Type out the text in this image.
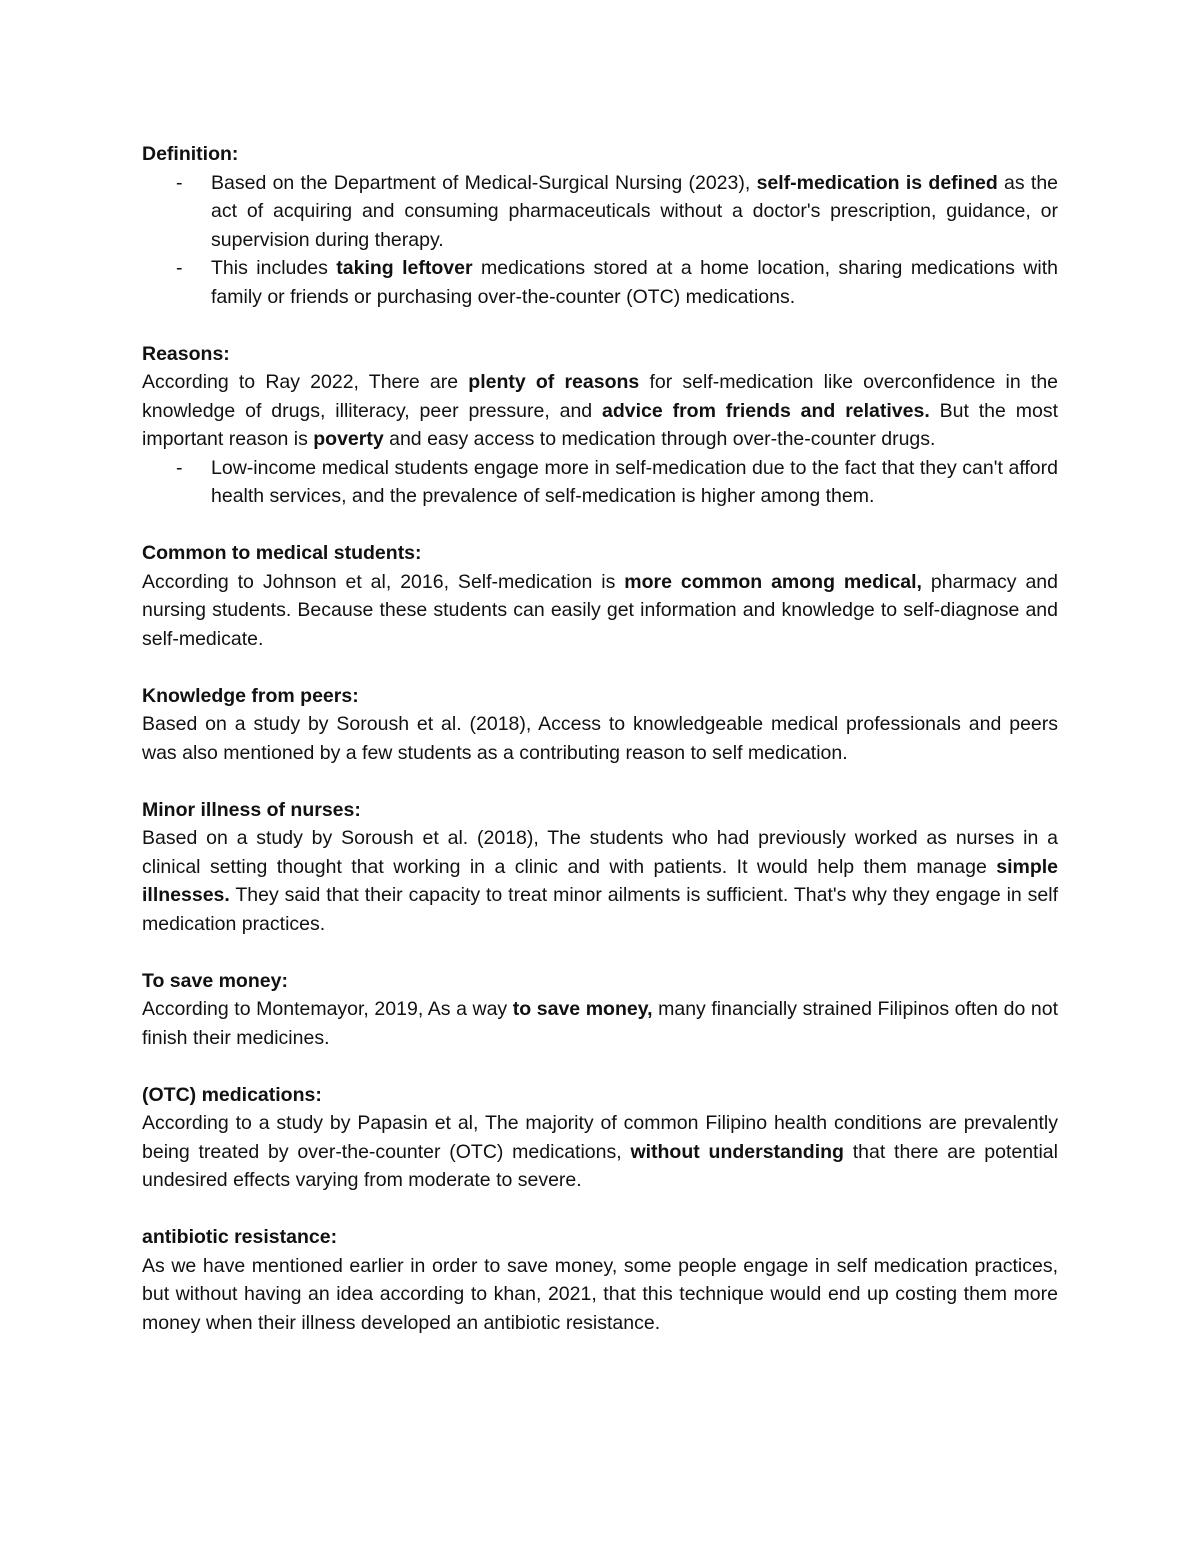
Definition:

- Based on the Department of Medical-Surgical Nursing (2023), self-medication is defined as the act of acquiring and consuming pharmaceuticals without a doctor's prescription, guidance, or supervision during therapy.
- This includes taking leftover medications stored at a home location, sharing medications with family or friends or purchasing over-the-counter (OTC) medications.

Reasons:

According to Ray 2022, There are plenty of reasons for self-medication like overconfidence in the knowledge of drugs, illiteracy, peer pressure, and advice from friends and relatives. But the most important reason is poverty and easy access to medication through over-the-counter drugs.

- Low-income medical students engage more in self-medication due to the fact that they can't afford health services, and the prevalence of self-medication is higher among them.

Common to medical students:

According to Johnson et al, 2016, Self-medication is more common among medical, pharmacy and nursing students. Because these students can easily get information and knowledge to self-diagnose and self-medicate.

Knowledge from peers:

Based on a study by Soroush et al. (2018), Access to knowledgeable medical professionals and peers was also mentioned by a few students as a contributing reason to self medication.

Minor illness of nurses:

Based on a study by Soroush et al. (2018), The students who had previously worked as nurses in a clinical setting thought that working in a clinic and with patients. It would help them manage simple illnesses. They said that their capacity to treat minor ailments is sufficient. That's why they engage in self medication practices.

To save money:

According to Montemayor, 2019, As a way to save money, many financially strained Filipinos often do not finish their medicines.

(OTC) medications:

According to a study by Papasin et al, The majority of common Filipino health conditions are prevalently being treated by over-the-counter (OTC) medications, without understanding that there are potential undesired effects varying from moderate to severe.

antibiotic resistance:

As we have mentioned earlier in order to save money, some people engage in self medication practices, but without having an idea according to khan, 2021, that this technique would end up costing them more money when their illness developed an antibiotic resistance.
